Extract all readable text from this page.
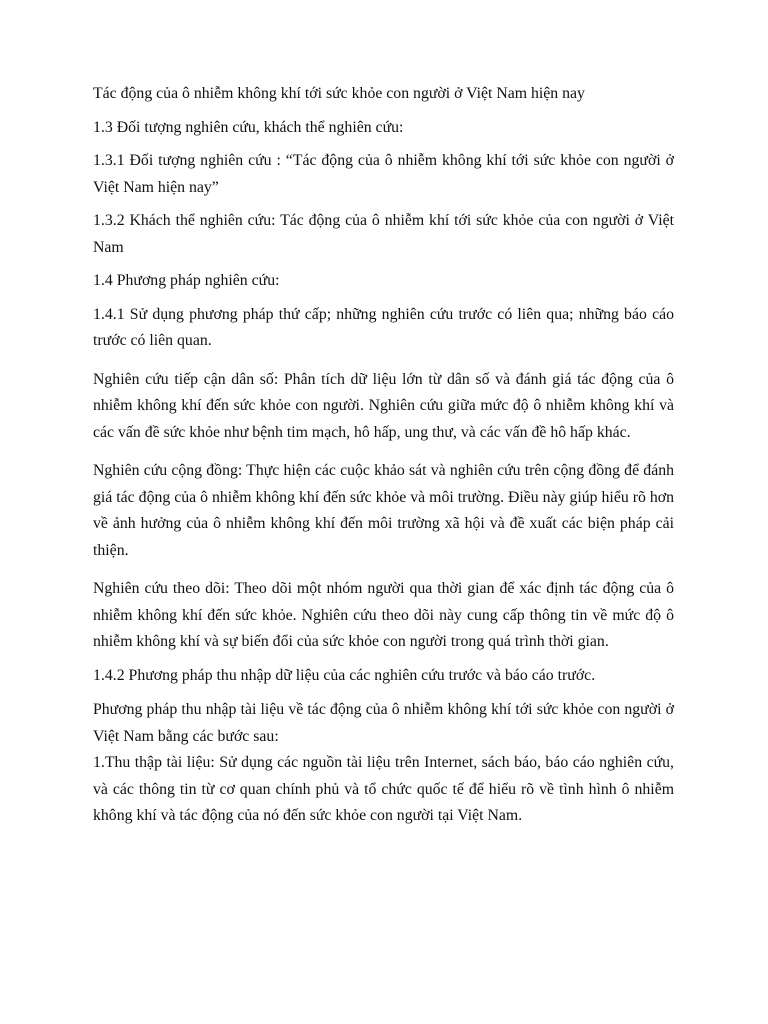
Tác động của ô nhiễm không khí tới sức khỏe con người ở Việt Nam hiện nay

1.3 Đối tượng nghiên cứu, khách thể nghiên cứu:

1.3.1 Đối tượng nghiên cứu : “Tác động của ô nhiễm không khí tới sức khỏe con người ở Việt Nam hiện nay”

1.3.2 Khách thể nghiên cứu: Tác động của ô nhiễm khí tới sức khỏe của con người ở Việt Nam

1.4 Phương pháp nghiên cứu:

1.4.1 Sử dụng phương pháp thứ cấp; những nghiên cứu trước có liên qua; những báo cáo trước có liên quan.

Nghiên cứu tiếp cận dân số: Phân tích dữ liệu lớn từ dân số và đánh giá tác động của ô nhiễm không khí đến sức khỏe con người. Nghiên cứu giữa mức độ ô nhiễm không khí và các vấn đề sức khỏe như bệnh tim mạch, hô hấp, ung thư, và các vấn đề hô hấp khác.

Nghiên cứu cộng đồng: Thực hiện các cuộc khảo sát và nghiên cứu trên cộng đồng để đánh giá tác động của ô nhiễm không khí đến sức khỏe và môi trường. Điều này giúp hiểu rõ hơn về ảnh hưởng của ô nhiễm không khí đến môi trường xã hội và đề xuất các biện pháp cải thiện.

Nghiên cứu theo dõi: Theo dõi một nhóm người qua thời gian để xác định tác động của ô nhiễm không khí đến sức khỏe. Nghiên cứu theo dõi này cung cấp thông tin về mức độ ô nhiễm không khí và sự biến đổi của sức khỏe con người trong quá trình thời gian.

1.4.2 Phương pháp thu nhập dữ liệu của các nghiên cứu trước và báo cáo trước.

Phương pháp thu nhập tài liệu về tác động của ô nhiễm không khí tới sức khỏe con người ở Việt Nam bằng các bước sau:

1.Thu thập tài liệu: Sử dụng các nguồn tài liệu trên Internet, sách báo, báo cáo nghiên cứu, và các thông tin từ cơ quan chính phủ và tổ chức quốc tế để hiểu rõ về tình hình ô nhiễm không khí và tác động của nó đến sức khỏe con người tại Việt Nam.
